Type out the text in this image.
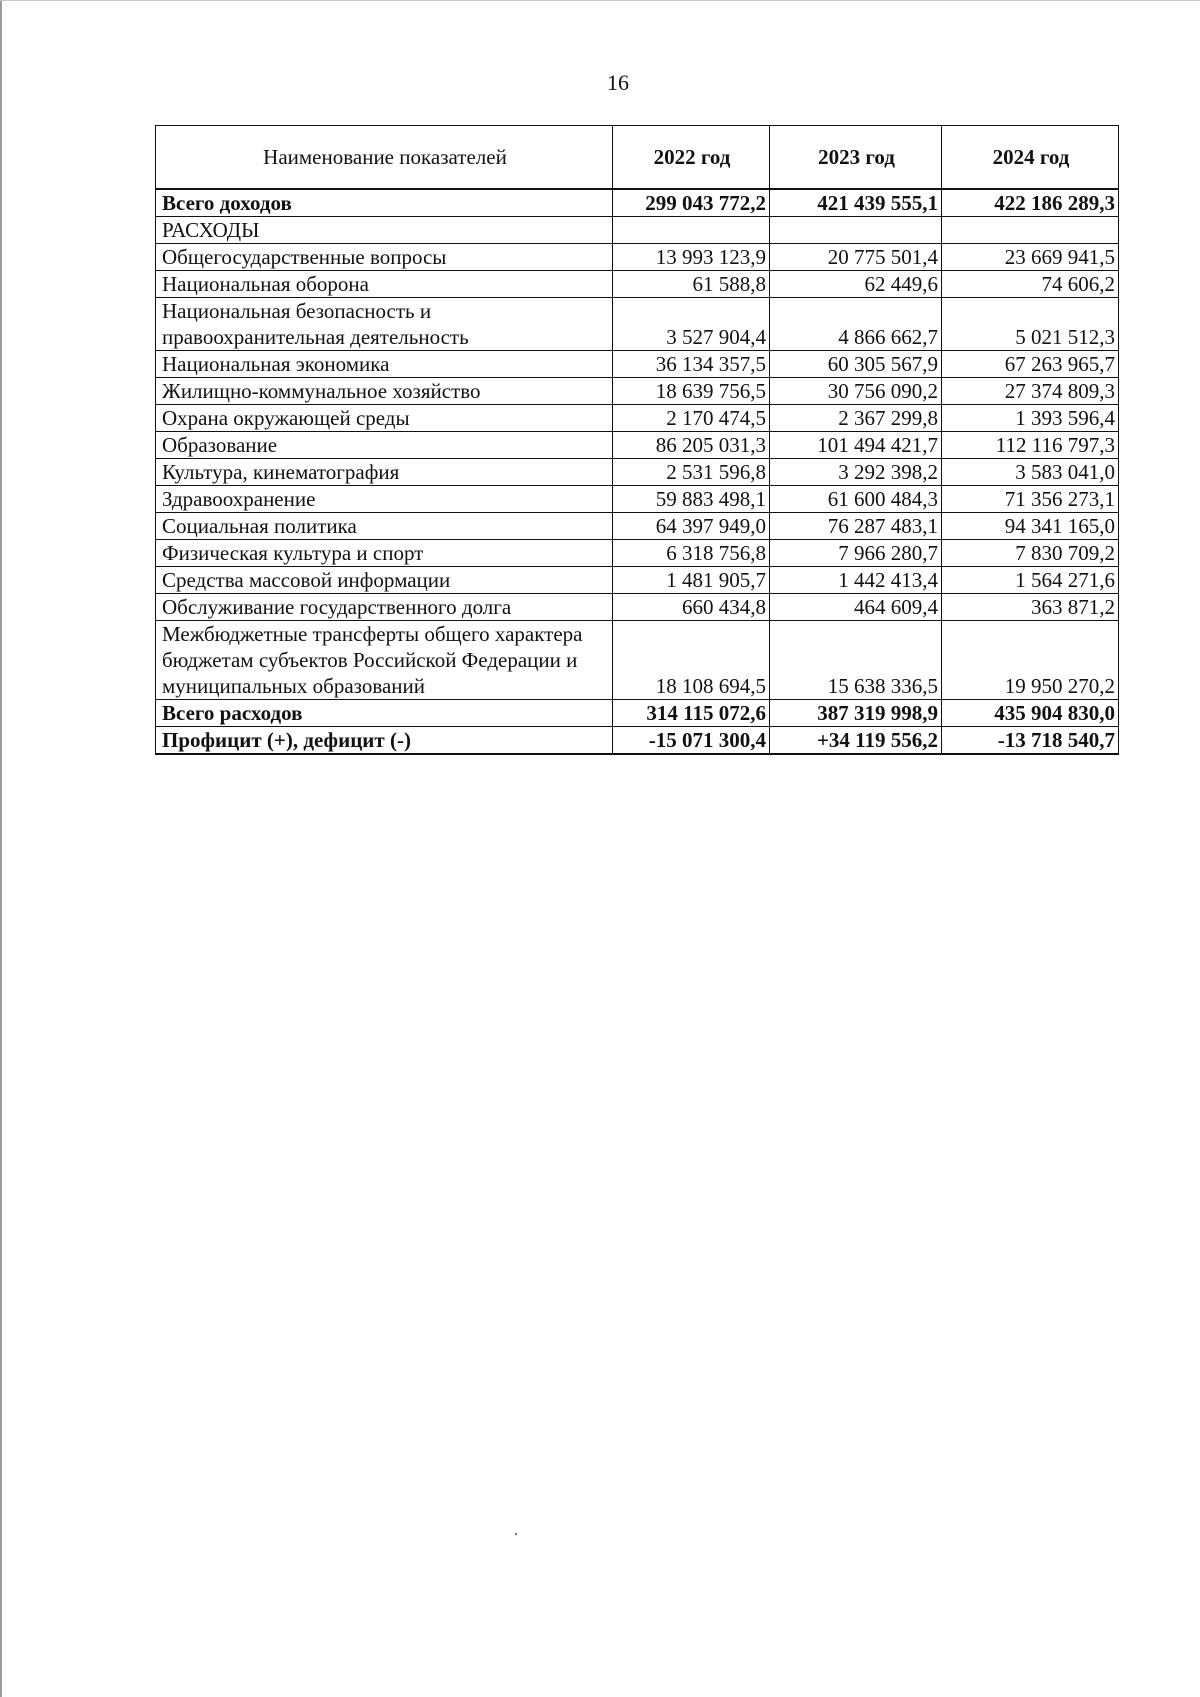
16
Наименование показателей	2022 год	2023 год	2024 год
Всего доходов	299 043 772,2	421 439 555,1	422 186 289,3
РАСХОДЫ			
Общегосударственные вопросы	13 993 123,9	20 775 501,4	23 669 941,5
Национальная оборона	61 588,8	62 449,6	74 606,2
Национальная безопасность и правоохранительная деятельность	3 527 904,4	4 866 662,7	5 021 512,3
Национальная экономика	36 134 357,5	60 305 567,9	67 263 965,7
Жилищно-коммунальное хозяйство	18 639 756,5	30 756 090,2	27 374 809,3
Охрана окружающей среды	2 170 474,5	2 367 299,8	1 393 596,4
Образование	86 205 031,3	101 494 421,7	112 116 797,3
Культура, кинематография	2 531 596,8	3 292 398,2	3 583 041,0
Здравоохранение	59 883 498,1	61 600 484,3	71 356 273,1
Социальная политика	64 397 949,0	76 287 483,1	94 341 165,0
Физическая культура и спорт	6 318 756,8	7 966 280,7	7 830 709,2
Средства массовой информации	1 481 905,7	1 442 413,4	1 564 271,6
Обслуживание государственного долга	660 434,8	464 609,4	363 871,2
Межбюджетные трансферты общего характера бюджетам субъектов Российской Федерации и муниципальных образований	18 108 694,5	15 638 336,5	19 950 270,2
Всего расходов	314 115 072,6	387 319 998,9	435 904 830,0
Профицит (+), дефицит (-)	-15 071 300,4	+34 119 556,2	-13 718 540,7
